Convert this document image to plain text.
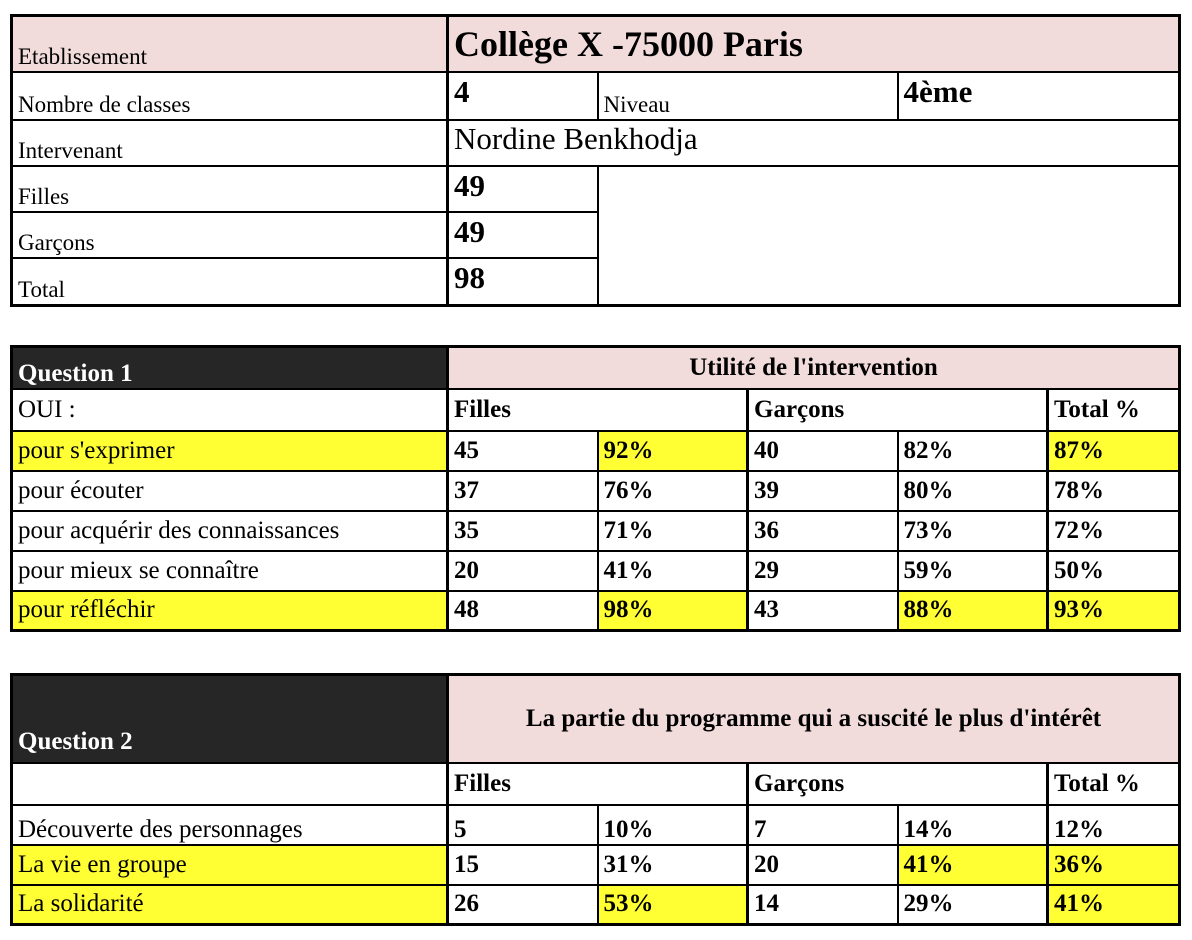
Etablissement	Collège X -75000 Paris		
Nombre de classes	4	Niveau	4ème
Intervenant	Nordine Benkhodja		
Filles	49		
Garçons	49		
Total	98		
Question 1	Utilité de l'intervention				
OUI :	Filles		Garçons		Total %
pour s'exprimer	45	92%	40	82%	87%
pour écouter	37	76%	39	80%	78%
pour acquérir des connaissances	35	71%	36	73%	72%
pour mieux se connaître	20	41%	29	59%	50%
pour réfléchir	48	98%	43	88%	93%
Question 2	La partie du programme qui a suscité le plus d'intérêt				
	Filles		Garçons		Total %
Découverte des personnages	5	10%	7	14%	12%
La vie en groupe	15	31%	20	41%	36%
La solidarité	26	53%	14	29%	41%
